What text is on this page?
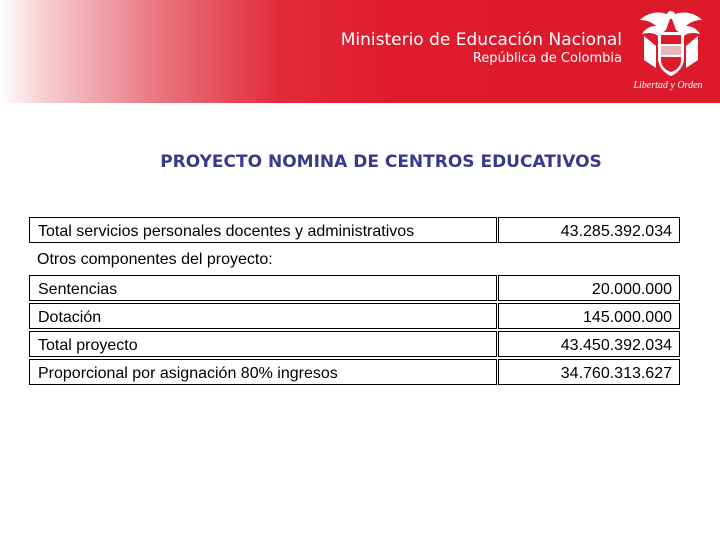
Ministerio de Educación Nacional
República de Colombia
Libertad y Orden
PROYECTO NOMINA DE CENTROS EDUCATIVOS
Total servicios personales docentes y administrativos	43.285.392.034
Otros componentes del proyecto:
Sentencias	20.000.000
Dotación	145.000.000
Total proyecto	43.450.392.034
Proporcional por asignación 80% ingresos	34.760.313.627
